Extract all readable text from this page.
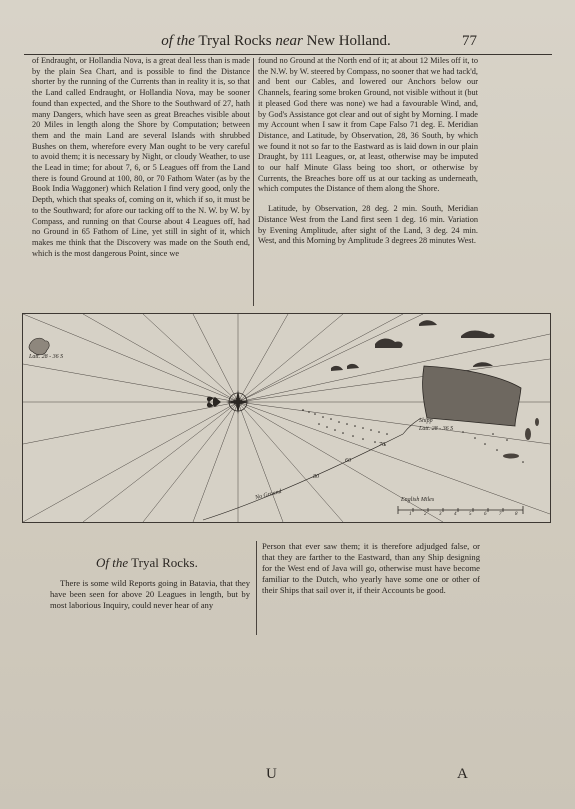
of the Tryal Rocks near New Holland.	77

of Endraught, or Hollandia Nova, is a great deal less than is made by the plain Sea Chart, and is possible to find the Distance shorter by the running of the Currents than in reality it is, so that the Land called Endraught, or Hollandia Nova, may be sooner found than expected, and the Shore to the Southward of 27, hath many Dangers, which have seen as great Breaches visible about 20 Miles in length along the Shore by Computation; between them and the main Land are several Islands with shrubbed Bushes on them, wherefore every Man ought to be very careful to avoid them; it is necessary by Night, or cloudy Weather, to use the Lead in time; for about 7, 6, or 5 Leagues off from the Land there is found Ground at 100, 80, or 70 Fathom Water (as by the Book India Waggoner) which Relation I find very good, only the Depth, which that speaks of, coming on it, which if so, it must be to the Southward; for afore our tacking off to the N. W. by W. by Compass, and running on that Course about 4 Leagues off, had no Ground in 65 Fathom of Line, yet still in sight of it, which makes me think that the Discovery was made on the South end, which is the most dangerous Point, since we

found no Ground at the North end of it; at about 12 Miles off it, to the N.W. by W. steered by Compass, no sooner that we had tack'd, and bent our Cables, and lowered our Anchors below our Channels, fearing some broken Ground, not visible without it (but it pleased God there was none) we had a favourable Wind, and, by God's Assistance got clear and out of sight by Morning. I made my Account when I saw it from Cape Falso 71 deg. E. Meridian Distance, and Latitude, by Observation, 28, 36 South, by which we found it not so far to the Eastward as is laid down in our plain Draught, by 111 Leagues, or, at least, otherwise may be imputed to our half Minute Glass being too short, or otherwise by Currents, the Breaches bore off us at our tacking as underneath, which computes the Distance of them along the Shore.

Latitude, by Observation, 28 deg. 2 min. South, Meridian Distance West from the Land first seen 1 deg. 16 min. Variation by Evening Amplitude, after sight of the Land, 3 deg. 24 min. West, and this Morning by Amplitude 3 degrees 28 minutes West.

Latt. 28 - 36 S
Shipp
Latt. 28 - 36 S
No Ground	English Miles
70
60
80
1	2	3	4	5	6	7	8
Of the Tryal Rocks.

There is some wild Reports going in Batavia, that they have been seen for above 20 Leagues in length, but by most laborious Inquiry, could never hear of any

Person that ever saw them; it is therefore adjudged false, or that they are farther to the Eastward, than any Ship designing for the West end of Java will go, otherwise must have become familiar to the Dutch, who yearly have some one or other of their Ships that sail over it, if their Accounts be good.

U	A
